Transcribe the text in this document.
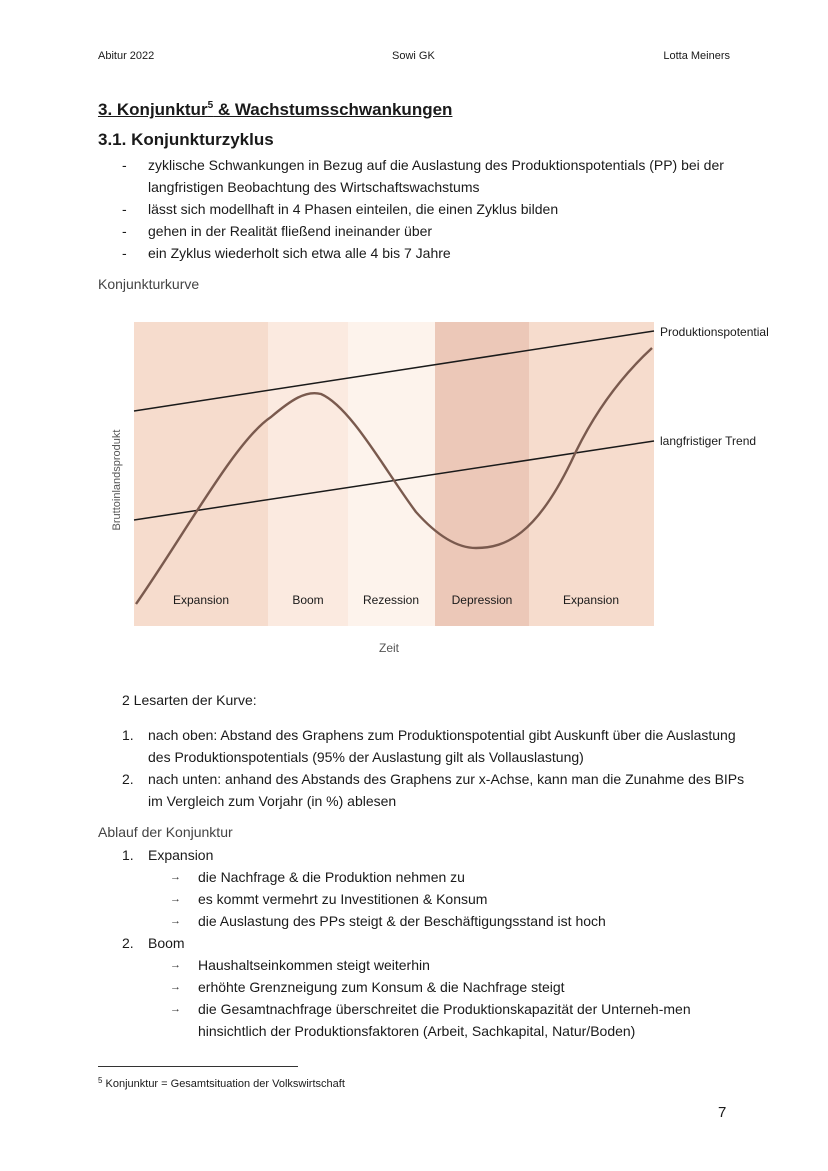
Abitur 2022	Sowi GK	Lotta Meiners
3. Konjunktur$^5$ & Wachstumsschwankungen
3.1. Konjunkturzyklus
- zyklische Schwankungen in Bezug auf die Auslastung des Produktionspotentials (PP) bei der langfristigen Beobachtung des Wirtschaftswachstums
- lässt sich modellhaft in 4 Phasen einteilen, die einen Zyklus bilden
- gehen in der Realität fließend ineinander über
- ein Zyklus wiederholt sich etwa alle 4 bis 7 Jahre
Konjunkturkurve
Expansion	Boom	Rezession	Depression	Expansion
Produktionspotential
langfristiger Trend
Bruttoinlandsprodukt
Zeit
2 Lesarten der Kurve:
1. nach oben: Abstand des Graphens zum Produktionspotential gibt Auskunft über die Auslastung des Produktionspotentials (95% der Auslastung gilt als Vollauslastung)
2. nach unten: anhand des Abstands des Graphens zur x-Achse, kann man die Zunahme des BIPs im Vergleich zum Vorjahr (in %) ablesen
Ablauf der Konjunktur
1. Expansion
→ die Nachfrage & die Produktion nehmen zu
→ es kommt vermehrt zu Investitionen & Konsum
→ die Auslastung des PPs steigt & der Beschäftigungsstand ist hoch
2. Boom
→ Haushaltseinkommen steigt weiterhin
→ erhöhte Grenzneigung zum Konsum & die Nachfrage steigt
→ die Gesamtnachfrage überschreitet die Produktionskapazität der Unterneh-men hinsichtlich der Produktionsfaktoren (Arbeit, Sachkapital, Natur/Boden)
$^5$ Konjunktur = Gesamtsituation der Volkswirtschaft
7
